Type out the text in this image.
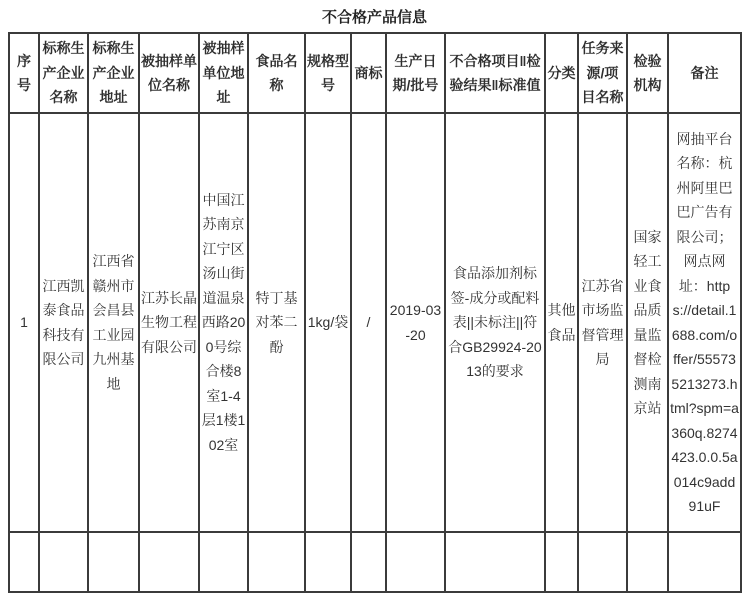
不合格产品信息
序号	标称生产企业名称	标称生产企业地址	被抽样单位名称	被抽样单位地址	食品名称	规格型号	商标	生产日期/批号	不合格项目‖检验结果‖标准值	分类	任务来源/项目名称	检验机构	备注
1	江西凯泰食品科技有限公司	江西省赣州市会昌县工业园九州基地	江苏长晶生物工程有限公司	中国江苏南京江宁区汤山街道温泉西路200号综合楼8室1-4层1楼102室	特丁基对苯二酚	1kg/袋	/	2019-03-20	食品添加剂标签-成分或配料表||未标注||符合GB29924-2013的要求	其他食品	江苏省市场监督管理局	国家轻工业食品质量监督检测南京站	网抽平台名称：杭州阿里巴巴广告有限公司；网点网址：https://detail.1688.com/offer/555735213273.html?spm=a360q.8274423.0.0.5a014c9add91uF
